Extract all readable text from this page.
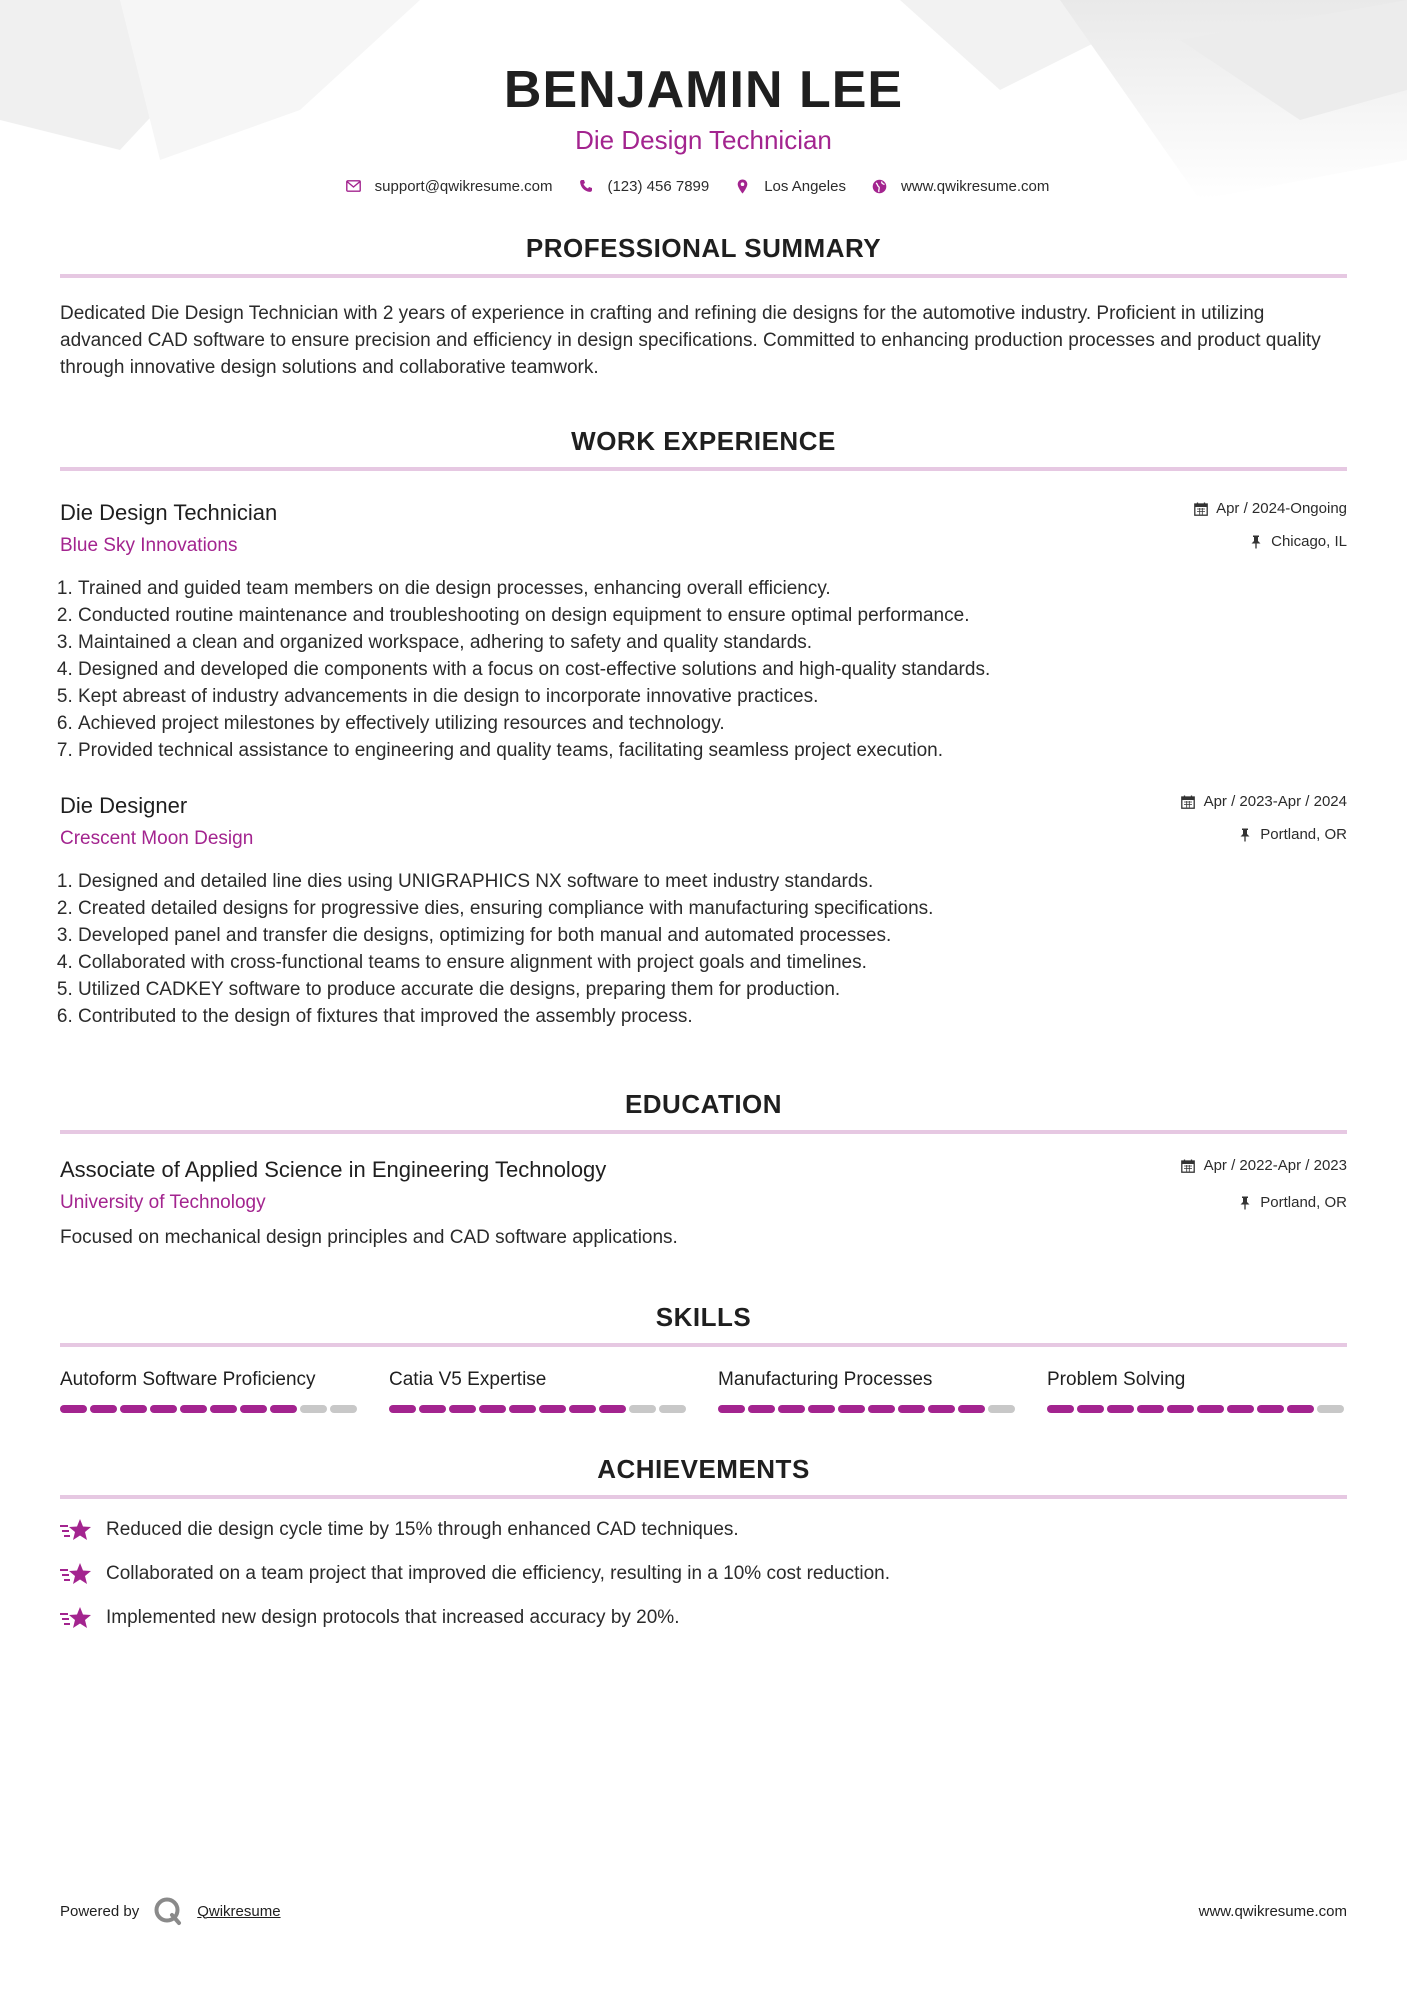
BENJAMIN LEE
Die Design Technician
support@qwikresume.com	(123) 456 7899	Los Angeles	www.qwikresume.com
PROFESSIONAL SUMMARY
Dedicated Die Design Technician with 2 years of experience in crafting and refining die designs for the automotive industry. Proficient in utilizing advanced CAD software to ensure precision and efficiency in design specifications. Committed to enhancing production processes and product quality through innovative design solutions and collaborative teamwork.
WORK EXPERIENCE
Die Design Technician
Blue Sky Innovations
Apr / 2024-Ongoing
Chicago, IL
1. Trained and guided team members on die design processes, enhancing overall efficiency.
2. Conducted routine maintenance and troubleshooting on design equipment to ensure optimal performance.
3. Maintained a clean and organized workspace, adhering to safety and quality standards.
4. Designed and developed die components with a focus on cost-effective solutions and high-quality standards.
5. Kept abreast of industry advancements in die design to incorporate innovative practices.
6. Achieved project milestones by effectively utilizing resources and technology.
7. Provided technical assistance to engineering and quality teams, facilitating seamless project execution.
Die Designer
Crescent Moon Design
Apr / 2023-Apr / 2024
Portland, OR
1. Designed and detailed line dies using UNIGRAPHICS NX software to meet industry standards.
2. Created detailed designs for progressive dies, ensuring compliance with manufacturing specifications.
3. Developed panel and transfer die designs, optimizing for both manual and automated processes.
4. Collaborated with cross-functional teams to ensure alignment with project goals and timelines.
5. Utilized CADKEY software to produce accurate die designs, preparing them for production.
6. Contributed to the design of fixtures that improved the assembly process.
EDUCATION
Associate of Applied Science in Engineering Technology
University of Technology
Apr / 2022-Apr / 2023
Portland, OR
Focused on mechanical design principles and CAD software applications.
SKILLS
Autoform Software Proficiency	Catia V5 Expertise	Manufacturing Processes	Problem Solving
ACHIEVEMENTS
Reduced die design cycle time by 15% through enhanced CAD techniques.
Collaborated on a team project that improved die efficiency, resulting in a 10% cost reduction.
Implemented new design protocols that increased accuracy by 20%.
Powered by	Qwikresume	www.qwikresume.com
